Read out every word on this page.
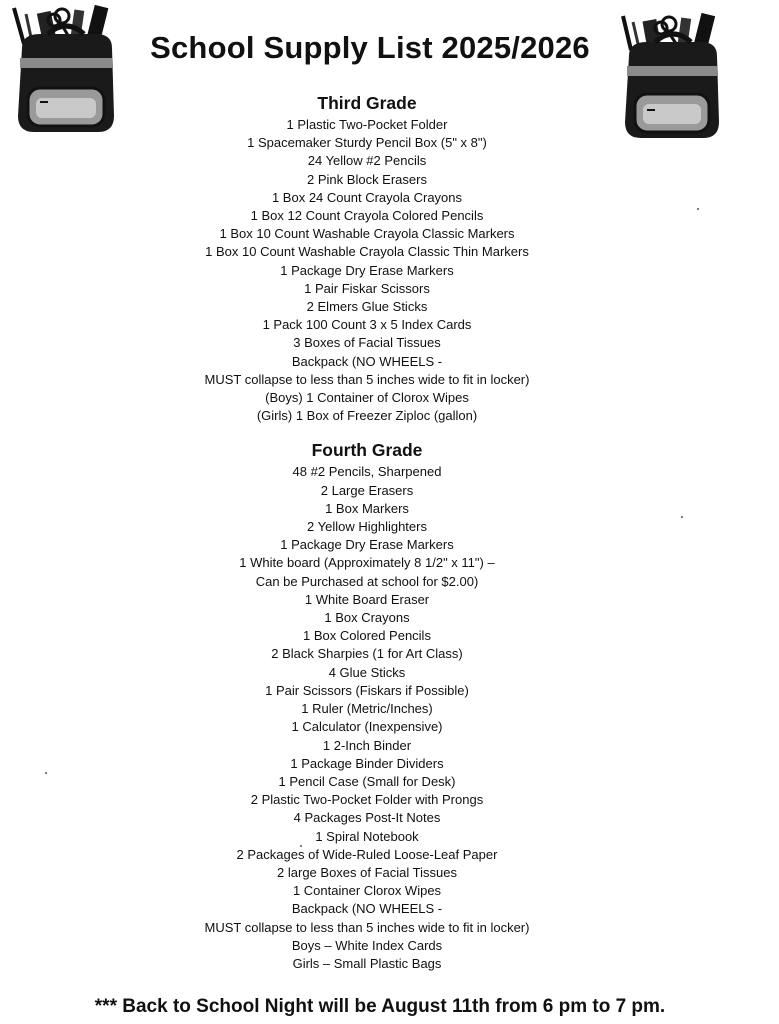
School Supply List 2025/2026
Third Grade
1 Plastic Two-Pocket Folder
1 Spacemaker Sturdy Pencil Box (5" x 8")
24 Yellow #2 Pencils
2 Pink Block Erasers
1 Box 24 Count Crayola Crayons
1 Box 12 Count Crayola Colored Pencils
1 Box 10 Count Washable Crayola Classic Markers
1 Box 10 Count Washable Crayola Classic Thin Markers
1 Package Dry Erase Markers
1 Pair Fiskar Scissors
2 Elmers Glue Sticks
1 Pack 100 Count 3 x 5 Index Cards
3 Boxes of Facial Tissues
Backpack (NO WHEELS -
MUST collapse to less than 5 inches wide to fit in locker)
(Boys) 1 Container of Clorox Wipes
(Girls) 1 Box of Freezer Ziploc (gallon)
Fourth Grade
48 #2 Pencils, Sharpened
2 Large Erasers
1 Box Markers
2 Yellow Highlighters
1 Package Dry Erase Markers
1 White board (Approximately 8 1/2" x 11") –
Can be Purchased at school for $2.00)
1 White Board Eraser
1 Box Crayons
1 Box Colored Pencils
2 Black Sharpies (1 for Art Class)
4 Glue Sticks
1 Pair Scissors (Fiskars if Possible)
1 Ruler (Metric/Inches)
1 Calculator (Inexpensive)
1 2-Inch Binder
1 Package Binder Dividers
1 Pencil Case (Small for Desk)
2 Plastic Two-Pocket Folder with Prongs
4 Packages Post-It Notes
1 Spiral Notebook
2 Packages of Wide-Ruled Loose-Leaf Paper
2 large Boxes of Facial Tissues
1 Container Clorox Wipes
Backpack (NO WHEELS -
MUST collapse to less than 5 inches wide to fit in locker)
Boys – White Index Cards
Girls – Small Plastic Bags

*** Back to School Night will be August 11th from 6 pm to 7 pm.
